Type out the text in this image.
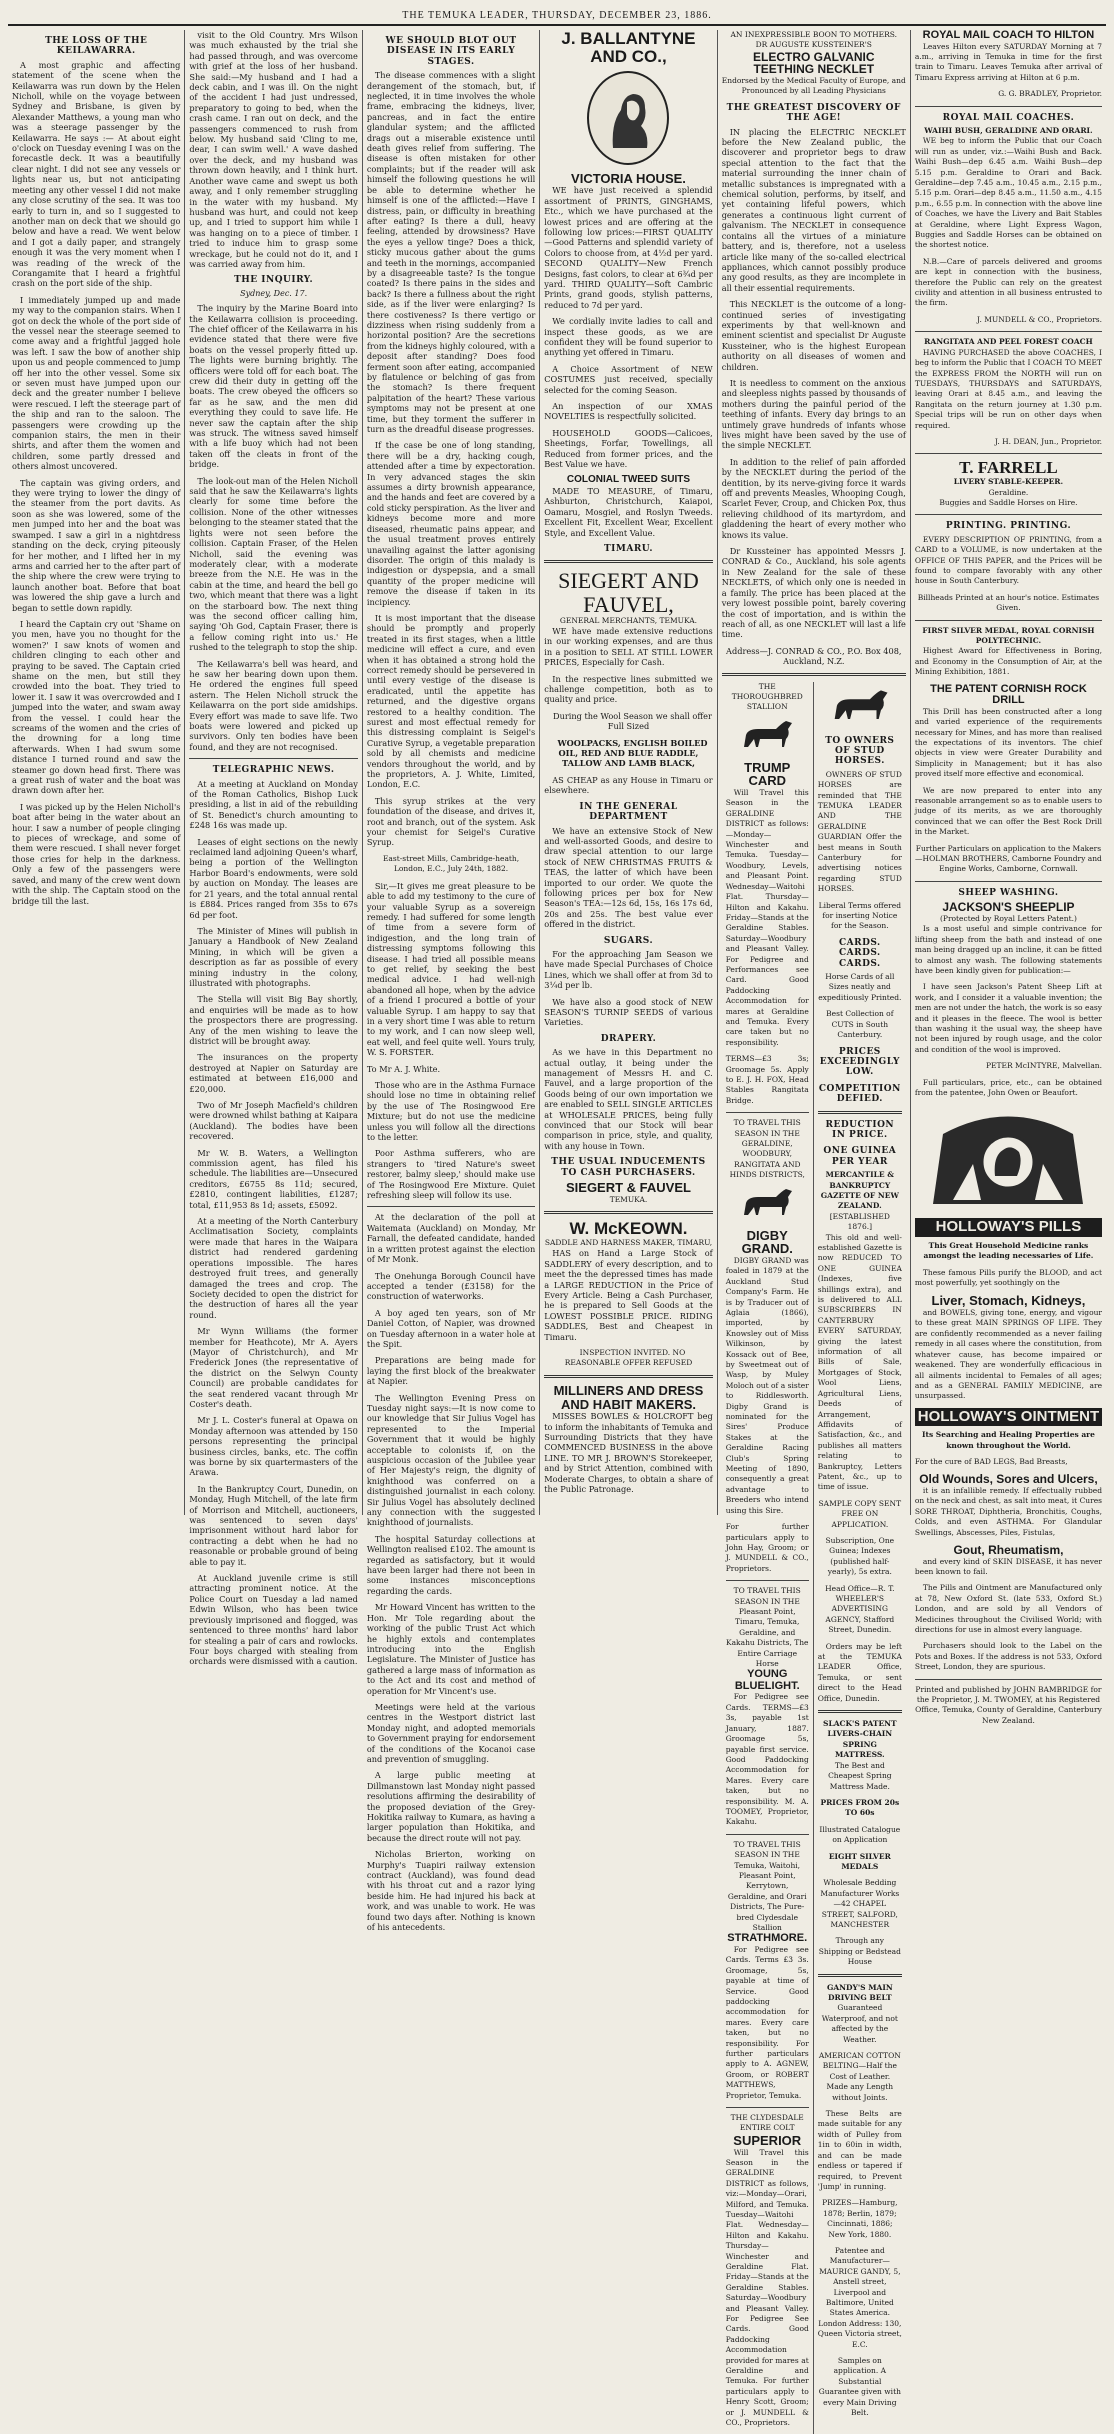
THE TEMUKA LEADER, THURSDAY, DECEMBER 23, 1886.
THE LOSS OF THE KEILAWARRA.

A most graphic and affecting statement of the scene when the Keilawarra was run down by the Helen Nicholl, while on the voyage between Sydney and Brisbane, is given by Alexander Matthews, a young man who was a steerage passenger by the Keilawarra. He says :— At about eight o'clock on Tuesday evening I was on the forecastle deck. It was a beautifully clear night. I did not see any vessels or lights near us, but not anticipating meeting any other vessel I did not make any close scrutiny of the sea. It was too early to turn in, and so I suggested to another man on deck that we should go below and have a read. We went below and I got a daily paper, and strangely enough it was the very moment when I was reading of the wreck of the Corangamite that I heard a frightful crash on the port side of the ship.

I immediately jumped up and made my way to the companion stairs. When I got on deck the whole of the port side of the vessel near the steerage seemed to come away and a frightful jagged hole was left. I saw the bow of another ship upon us and people commenced to jump off her into the other vessel. Some six or seven must have jumped upon our deck and the greater number I believe were rescued. I left the steerage part of the ship and ran to the saloon. The passengers were crowding up the companion stairs, the men in their shirts, and after them the women and children, some partly dressed and others almost uncovered.

The captain was giving orders, and they were trying to lower the dingy of the steamer from the port davits. As soon as she was lowered, some of the men jumped into her and the boat was swamped. I saw a girl in a nightdress standing on the deck, crying piteously for her mother, and I lifted her in my arms and carried her to the after part of the ship where the crew were trying to launch another boat. Before that boat was lowered the ship gave a lurch and began to settle down rapidly.

I heard the Captain cry out 'Shame on you men, have you no thought for the women?' I saw knots of women and children clinging to each other and praying to be saved. The Captain cried shame on the men, but still they crowded into the boat. They tried to lower it. I saw it was overcrowded and I jumped into the water, and swam away from the vessel. I could hear the screams of the women and the cries of the drowning for a long time afterwards. When I had swum some distance I turned round and saw the steamer go down head first. There was a great rush of water and the boat was drawn down after her.

I was picked up by the Helen Nicholl's boat after being in the water about an hour. I saw a number of people clinging to pieces of wreckage, and some of them were rescued. I shall never forget those cries for help in the darkness. Only a few of the passengers were saved, and many of the crew went down with the ship. The Captain stood on the bridge till the last.

visit to the Old Country. Mrs Wilson was much exhausted by the trial she had passed through, and was overcome with grief at the loss of her husband. She said:—My husband and I had a deck cabin, and I was ill. On the night of the accident I had just undressed, preparatory to going to bed, when the crash came. I ran out on deck, and the passengers commenced to rush from below. My husband said 'Cling to me, dear, I can swim well.' A wave dashed over the deck, and my husband was thrown down heavily, and I think hurt. Another wave came and swept us both away, and I only remember struggling in the water with my husband. My husband was hurt, and could not keep up, and I tried to support him while I was hanging on to a piece of timber. I tried to induce him to grasp some wreckage, but he could not do it, and I was carried away from him.

THE INQUIRY.
Sydney, Dec. 17.

The inquiry by the Marine Board into the Keilawarra collision is proceeding. The chief officer of the Keilawarra in his evidence stated that there were five boats on the vessel properly fitted up. The lights were burning brightly. The officers were told off for each boat. The crew did their duty in getting off the boats. The crew obeyed the officers so far as he saw, and the men did everything they could to save life. He never saw the captain after the ship was struck. The witness saved himself with a life buoy which had not been taken off the cleats in front of the bridge.

The look-out man of the Helen Nicholl said that he saw the Keilawarra's lights clearly for some time before the collision. None of the other witnesses belonging to the steamer stated that the lights were not seen before the collision. Captain Fraser, of the Helen Nicholl, said the evening was moderately clear, with a moderate breeze from the N.E. He was in the cabin at the time, and heard the bell go two, which meant that there was a light on the starboard bow. The next thing was the second officer calling him, saying 'Oh God, Captain Fraser, there is a fellow coming right into us.' He rushed to the telegraph to stop the ship.

The Keilawarra's bell was heard, and he saw her bearing down upon them. He ordered the engines full speed astern. The Helen Nicholl struck the Keilawarra on the port side amidships. Every effort was made to save life. Two boats were lowered and picked up survivors. Only ten bodies have been found, and they are not recognised.

TELEGRAPHIC NEWS.

At a meeting at Auckland on Monday of the Roman Catholics, Bishop Luck presiding, a list in aid of the rebuilding of St. Benedict's church amounting to £248 16s was made up.

Leases of eight sections on the newly reclaimed land adjoining Queen's wharf, being a portion of the Wellington Harbor Board's endowments, were sold by auction on Monday. The leases are for 21 years, and the total annual rental is £884. Prices ranged from 35s to 67s 6d per foot.

The Minister of Mines will publish in January a Handbook of New Zealand Mining, in which will be given a description as far as possible of every mining industry in the colony, illustrated with photographs.

The Stella will visit Big Bay shortly, and enquiries will be made as to how the prospectors there are progressing. Any of the men wishing to leave the district will be brought away.

The insurances on the property destroyed at Napier on Saturday are estimated at between £16,000 and £20,000.

Two of Mr Joseph Macfield's children were drowned whilst bathing at Kaipara (Auckland). The bodies have been recovered.

Mr W. B. Waters, a Wellington commission agent, has filed his schedule. The liabilities are—Unsecured creditors, £6755 8s 11d; secured, £2810, contingent liabilities, £1287; total, £11,953 8s 1d; assets, £5092.

At a meeting of the North Canterbury Acclimatisation Society, complaints were made that hares in the Waipara district had rendered gardening operations impossible. The hares destroyed fruit trees, and generally damaged the trees and crop. The Society decided to open the district for the destruction of hares all the year round.

Mr Wynn Williams (the former member for Heathcote), Mr A. Ayers (Mayor of Christchurch), and Mr Frederick Jones (the representative of the district on the Selwyn County Council) are probable candidates for the seat rendered vacant through Mr Coster's death.

Mr J. L. Coster's funeral at Opawa on Monday afternoon was attended by 150 persons representing the principal business circles, banks, etc. The coffin was borne by six quartermasters of the Arawa.

In the Bankruptcy Court, Dunedin, on Monday, Hugh Mitchell, of the late firm of Morrison and Mitchell, auctioneers, was sentenced to seven days' imprisonment without hard labor for contracting a debt when he had no reasonable or probable ground of being able to pay it.

At Auckland juvenile crime is still attracting prominent notice. At the Police Court on Tuesday a lad named Edwin Wilson, who has been twice previously imprisoned and flogged, was sentenced to three months' hard labor for stealing a pair of cars and rowlocks. Four boys charged with stealing from orchards were dismissed with a caution.

WE SHOULD BLOT OUT DISEASE IN ITS EARLY STAGES.

The disease commences with a slight derangement of the stomach, but, if neglected, it in time involves the whole frame, embracing the kidneys, liver, pancreas, and in fact the entire glandular system; and the afflicted drags out a miserable existence until death gives relief from suffering. The disease is often mistaken for other complaints; but if the reader will ask himself the following questions he will be able to determine whether he himself is one of the afflicted:—Have I distress, pain, or difficulty in breathing after eating? Is there a dull, heavy feeling, attended by drowsiness? Have the eyes a yellow tinge? Does a thick, sticky mucous gather about the gums and teeth in the mornings, accompanied by a disagreeable taste? Is the tongue coated? Is there pains in the sides and back? Is there a fullness about the right side, as if the liver were enlarging? Is there costiveness? Is there vertigo or dizziness when rising suddenly from a horizontal position? Are the secretions from the kidneys highly coloured, with a deposit after standing? Does food ferment soon after eating, accompanied by flatulence or belching of gas from the stomach? Is there frequent palpitation of the heart? These various symptoms may not be present at one time, but they torment the sufferer in turn as the dreadful disease progresses.

If the case be one of long standing, there will be a dry, hacking cough, attended after a time by expectoration. In very advanced stages the skin assumes a dirty brownish appearance, and the hands and feet are covered by a cold sticky perspiration. As the liver and kidneys become more and more diseased, rheumatic pains appear, and the usual treatment proves entirely unavailing against the latter agonising disorder. The origin of this malady is indigestion or dyspepsia, and a small quantity of the proper medicine will remove the disease if taken in its incipiency.

It is most important that the disease should be promptly and properly treated in its first stages, when a little medicine will effect a cure, and even when it has obtained a strong hold the correct remedy should be persevered in until every vestige of the disease is eradicated, until the appetite has returned, and the digestive organs restored to a healthy condition. The surest and most effectual remedy for this distressing complaint is Seigel's Curative Syrup, a vegetable preparation sold by all chemists and medicine vendors throughout the world, and by the proprietors, A. J. White, Limited, London, E.C.

This syrup strikes at the very foundation of the disease, and drives it, root and branch, out of the system. Ask your chemist for Seigel's Curative Syrup.

East-street Mills, Cambridge-heath, London, E.C., July 24th, 1882.

Sir,—It gives me great pleasure to be able to add my testimony to the cure of your valuable Syrup as a sovereign remedy. I had suffered for some length of time from a severe form of indigestion, and the long train of distressing symptoms following this disease. I had tried all possible means to get relief, by seeking the best medical advice. I had well-nigh abandoned all hope, when by the advice of a friend I procured a bottle of your valuable Syrup. I am happy to say that in a very short time I was able to return to my work, and I can now sleep well, eat well, and feel quite well. Yours truly, W. S. FORSTER.

To Mr A. J. White.

Those who are in the Asthma Furnace should lose no time in obtaining relief by the use of The Rosingwood Ere Mixture; but do not use the medicine unless you will follow all the directions to the letter.

Poor Asthma sufferers, who are strangers to 'tired Nature's sweet restorer, balmy sleep,' should make use of The Rosingwood Ere Mixture. Quiet refreshing sleep will follow its use.

At the declaration of the poll at Waitemata (Auckland) on Monday, Mr Farnall, the defeated candidate, handed in a written protest against the election of Mr Monk.

The Onehunga Borough Council have accepted a tender (£3158) for the construction of waterworks.

A boy aged ten years, son of Mr Daniel Cotton, of Napier, was drowned on Tuesday afternoon in a water hole at the Spit.

Preparations are being made for laying the first block of the breakwater at Napier.

The Wellington Evening Press on Tuesday night says:—It is now come to our knowledge that Sir Julius Vogel has represented to the Imperial Government that it would be highly acceptable to colonists if, on the auspicious occasion of the Jubilee year of Her Majesty's reign, the dignity of knighthood was conferred on a distinguished journalist in each colony. Sir Julius Vogel has absolutely declined any connection with the suggested knighthood of journalists.

The hospital Saturday collections at Wellington realised £102. The amount is regarded as satisfactory, but it would have been larger had there not been in some instances misconceptions regarding the cards.

Mr Howard Vincent has written to the Hon. Mr Tole regarding about the working of the public Trust Act which he highly extols and contemplates introducing into the English Legislature. The Minister of Justice has gathered a large mass of information as to the Act and its cost and method of operation for Mr Vincent's use.

Meetings were held at the various centres in the Westport district last Monday night, and adopted memorials to Government praying for endorsement of the conditions of the Kocanoi case and prevention of smuggling.

A large public meeting at Dillmanstown last Monday night passed resolutions affirming the desirability of the proposed deviation of the Grey-Hokitika railway to Kumara, as having a larger population than Hokitika, and because the direct route will not pay.

Nicholas Brierton, working on Murphy's Tuapiri railway extension contract (Auckland), was found dead with his throat cut and a razor lying beside him. He had injured his back at work, and was unable to work. He was found two days after. Nothing is known of his antecedents.

J. BALLANTYNE AND CO.,
VICTORIA HOUSE.

WE have just received a splendid assortment of PRINTS, GINGHAMS, Etc., which we have purchased at the lowest prices and are offering at the following low prices:—FIRST QUALITY—Good Patterns and splendid variety of Colors to choose from, at 4½d per yard. SECOND QUALITY—New French Designs, fast colors, to clear at 6¾d per yard. THIRD QUALITY—Soft Cambric Prints, grand goods, stylish patterns, reduced to 7d per yard.

We cordially invite ladies to call and inspect these goods, as we are confident they will be found superior to anything yet offered in Timaru.

A Choice Assortment of NEW COSTUMES just received, specially selected for the coming Season.

An inspection of our XMAS NOVELTIES is respectfully solicited.

HOUSEHOLD GOODS—Calicoes, Sheetings, Forfar, Towellings, all Reduced from former prices, and the Best Value we have.

COLONIAL TWEED SUITS

MADE TO MEASURE, of Timaru, Ashburton, Christchurch, Kaiapoi, Oamaru, Mosgiel, and Roslyn Tweeds. Excellent Fit, Excellent Wear, Excellent Style, and Excellent Value.

TIMARU.
SIEGERT AND FAUVEL,
GENERAL MERCHANTS, TEMUKA.

WE have made extensive reductions in our working expenses, and are thus in a position to SELL AT STILL LOWER PRICES, Especially for Cash.

In the respective lines submitted we challenge competition, both as to quality and price.

During the Wool Season we shall offer Full Sized

WOOLPACKS, ENGLISH BOILED OIL, RED AND BLUE RADDLE, TALLOW AND LAMB BLACK,

AS CHEAP as any House in Timaru or elsewhere.

IN THE GENERAL DEPARTMENT

We have an extensive Stock of New and well-assorted Goods, and desire to draw special attention to our large stock of NEW CHRISTMAS FRUITS & TEAS, the latter of which have been imported to our order. We quote the following prices per box for New Season's TEA:—12s 6d, 15s, 16s 17s 6d, 20s and 25s. The best value ever offered in the district.

SUGARS.

For the approaching Jam Season we have made Special Purchases of Choice Lines, which we shall offer at from 3d to 3¼d per lb.

We have also a good stock of NEW SEASON'S TURNIP SEEDS of various Varieties.

DRAPERY.

As we have in this Department no actual outlay, it being under the management of Messrs H. and C. Fauvel, and a large proportion of the Goods being of our own importation we are enabled to SELL SINGLE ARTICLES at WHOLESALE PRICES, being fully convinced that our Stock will bear comparison in price, style, and quality, with any house in Town.

THE USUAL INDUCEMENTS TO CASH PURCHASERS.
SIEGERT & FAUVEL
TEMUKA.
W. McKEOWN.
SADDLE AND HARNESS MAKER, TIMARU,

HAS on Hand a Large Stock of SADDLERY of every description, and to meet the the depressed times has made a LARGE REDUCTION in the Price of Every Article. Being a Cash Purchaser, he is prepared to Sell Goods at the LOWEST POSSIBLE PRICE. RIDING SADDLES, Best and Cheapest in Timaru.

INSPECTION INVITED. NO REASONABLE OFFER REFUSED

MILLINERS AND DRESS AND HABIT MAKERS.

MISSES BOWLES & HOLCROFT beg to inform the inhabitants of Temuka and Surrounding Districts that they have COMMENCED BUSINESS in the above LINE. TO MR J. BROWN'S Storekeeper, and by Strict Attention, combined with Moderate Charges, to obtain a share of the Public Patronage.

AN INEXPRESSIBLE BOON TO MOTHERS.
DR AUGUSTE KUSSTEINER'S
ELECTRO GALVANIC TEETHING NECKLET
Endorsed by the Medical Faculty of Europe, and Pronounced by all Leading Physicians
THE GREATEST DISCOVERY OF THE AGE!

IN placing the ELECTRIC NECKLET before the New Zealand public, the discoverer and proprietor begs to draw special attention to the fact that the material surrounding the inner chain of metallic substances is impregnated with a chemical solution, performs, by itself, and yet containing lifeful powers, which generates a continuous light current of galvanism. The NECKLET in consequence contains all the virtues of a miniature battery, and is, therefore, not a useless article like many of the so-called electrical appliances, which cannot possibly produce any good results, as they are incomplete in all their essential requirements.

This NECKLET is the outcome of a long-continued series of investigating experiments by that well-known and eminent scientist and specialist Dr Auguste Kussteiner, who is the highest European authority on all diseases of women and children.

It is needless to comment on the anxious and sleepless nights passed by thousands of mothers during the painful period of the teething of infants. Every day brings to an untimely grave hundreds of infants whose lives might have been saved by the use of the simple NECKLET.

In addition to the relief of pain afforded by the NECKLET during the period of the dentition, by its nerve-giving force it wards off and prevents Measles, Whooping Cough, Scarlet Fever, Croup, and Chicken Pox, thus relieving childhood of its martyrdom, and gladdening the heart of every mother who knows its value.

Dr Kussteiner has appointed Messrs J. CONRAD & Co., Auckland, his sole agents in New Zealand for the sale of these NECKLETS, of which only one is needed in a family. The price has been placed at the very lowest possible point, barely covering the cost of importation, and is within the reach of all, as one NECKLET will last a life time.

Address—J. CONRAD & CO., P.O. Box 408, Auckland, N.Z.

THE THOROUGHBRED STALLION
TRUMP CARD

Will Travel this Season in the GERALDINE DISTRICT as follows:—Monday—Winchester and Temuka. Tuesday—Woodbury, Levels, and Pleasant Point. Wednesday—Waitohi Flat. Thursday—Hilton and Kakahu. Friday—Stands at the Geraldine Stables. Saturday—Woodbury and Pleasant Valley. For Pedigree and Performances see Card. Good Paddocking Accommodation for mares at Geraldine and Temuka. Every care taken but no responsibility.

TERMS—£3 3s; Groomage 5s. Apply to E. J. H. FOX, Head Stables Rangitata Bridge.

TO TRAVEL THIS SEASON IN THE GERALDINE, WOODBURY, RANGITATA AND HINDS DISTRICTS,
DIGBY GRAND.

DIGBY GRAND was foaled in 1879 at the Auckland Stud Company's Farm. He is by Traducer out of Aglaia (1866), imported, by Knowsley out of Miss Wilkinson, by Kossack out of Bee, by Sweetmeat out of Wasp, by Muley Moloch out of a sister to Riddlesworth. Digby Grand is nominated for the Sires' Produce Stakes at the Geraldine Racing Club's Spring Meeting of 1890, consequently a great advantage to Breeders who intend using this Sire.

For further particulars apply to John Hay, Groom; or J. MUNDELL & CO., Proprietors.

TO TRAVEL THIS SEASON IN THE Pleasant Point, Timaru, Temuka, Geraldine, and Kakahu Districts, The Entire Carriage Horse
YOUNG BLUELIGHT.

For Pedigree see Cards. TERMS—£3 3s, payable 1st January, 1887. Groomage 5s, payable first service. Good Paddocking Accommodation for Mares. Every care taken, but no responsibility. M. A. TOOMEY, Proprietor, Kakahu.

TO TRAVEL THIS SEASON IN THE Temuka, Waitohi, Pleasant Point, Kerrytown, Geraldine, and Orari Districts, The Pure-bred Clydesdale Stallion
STRATHMORE.

For Pedigree see Cards. Terms £3 3s. Groomage, 5s, payable at time of Service. Good paddocking accommodation for mares. Every care taken, but no responsibility. For further particulars apply to A. AGNEW, Groom, or ROBERT MATTHEWS, Proprietor, Temuka.

THE CLYDESDALE ENTIRE COLT
SUPERIOR

Will Travel this Season in the GERALDINE DISTRICT as follows, viz:—Monday—Orari, Milford, and Temuka. Tuesday—Waitohi Flat. Wednesday—Hilton and Kakahu. Thursday—Winchester and Geraldine Flat. Friday—Stands at the Geraldine Stables. Saturday—Woodbury and Pleasant Valley. For Pedigree See Cards. Good Paddocking Accommodation provided for mares at Geraldine and Temuka. For further particulars apply to Henry Scott, Groom; or J. MUNDELL & CO., Proprietors.

TO OWNERS OF STUD HORSES.

OWNERS OF STUD HORSES are reminded that THE TEMUKA LEADER AND THE GERALDINE GUARDIAN Offer the best means in South Canterbury for advertising notices regarding STUD HORSES.

Liberal Terms offered for inserting Notice for the Season.

CARDS. CARDS. CARDS.

Horse Cards of all Sizes neatly and expeditiously Printed.

Best Collection of CUTS in South Canterbury.

PRICES EXCEEDINGLY LOW.
COMPETITION DEFIED.
REDUCTION IN PRICE.
ONE GUINEA PER YEAR
MERCANTILE & BANKRUPTCY GAZETTE OF NEW ZEALAND.
[ESTABLISHED 1876.]

This old and well-established Gazette is now REDUCED TO ONE GUINEA (Indexes, five shillings extra), and is delivered to ALL SUBSCRIBERS IN CANTERBURY EVERY SATURDAY, giving the latest information of all Bills of Sale, Mortgages of Stock, Wool Liens, Agricultural Liens, Deeds of Arrangement, Affidavits of Satisfaction, &c., and publishes all matters relating to Bankruptcy, Letters Patent, &c., up to time of issue.

SAMPLE COPY SENT FREE ON APPLICATION.

Subscription, One Guinea; Indexes (published half-yearly), 5s extra.

Head Office—R. T. WHEELER'S ADVERTISING AGENCY, Stafford Street, Dunedin.

Orders may be left at the TEMUKA LEADER Office, Temuka, or sent direct to the Head Office, Dunedin.

SLACK'S PATENT LIVERS-CHAIN SPRING MATTRESS.

The Best and Cheapest Spring Mattress Made.

PRICES FROM 20s TO 60s

Illustrated Catalogue on Application

EIGHT SILVER MEDALS

Wholesale Bedding Manufacturer Works—42 CHAPEL STREET, SALFORD, MANCHESTER

Through any Shipping or Bedstead House

GANDY'S MAIN DRIVING BELT

Guaranteed Waterproof, and not affected by the Weather.

AMERICAN COTTON BELTING—Half the Cost of Leather. Made any Length without Joints.

These Belts are made suitable for any width of Pulley from 1in to 60in in width, and can be made endless or tapered if required, to Prevent 'Jump' in running.

PRIZES—Hamburg, 1878; Berlin, 1879; Cincinnati, 1886; New York, 1880.

Patentee and Manufacturer—MAURICE GANDY, 5, Anstell street, Liverpool and Baltimore, United States America. London Address: 130, Queen Victoria street, E.C.

Samples on application. A Substantial Guarantee given with every Main Driving Belt.

ROYAL MAIL COACH TO HILTON

Leaves Hilton every SATURDAY Morning at 7 a.m., arriving in Temuka in time for the first train to Timaru. Leaves Temuka after arrival of Timaru Express arriving at Hilton at 6 p.m.

G. G. BRADLEY, Proprietor.

ROYAL MAIL COACHES.
WAIHI BUSH, GERALDINE AND ORARI.

WE beg to inform the Public that our Coach will run as under, viz.:—Waihi Bush and Back. Waihi Bush—dep 6.45 a.m. Waihi Bush—dep 5.15 p.m. Geraldine to Orari and Back. Geraldine—dep 7.45 a.m., 10.45 a.m., 2.15 p.m., 5.15 p.m. Orari—dep 8.45 a.m., 11.50 a.m., 4.15 p.m., 6.55 p.m. In connection with the above line of Coaches, we have the Livery and Bait Stables at Geraldine, where Light Express Wagon, Buggies and Saddle Horses can be obtained on the shortest notice.

N.B.—Care of parcels delivered and grooms are kept in connection with the business, therefore the Public can rely on the greatest civility and attention in all business entrusted to the firm.

J. MUNDELL & CO., Proprietors.

RANGITATA AND PEEL FOREST COACH

HAVING PURCHASED the above COACHES, I beg to inform the Public that I COACH TO MEET the EXPRESS FROM the NORTH will run on TUESDAYS, THURSDAYS and SATURDAYS, leaving Orari at 8.45 a.m., and leaving the Rangitata on the return journey at 1.30 p.m. Special trips will be run on other days when required.

J. H. DEAN, Jun., Proprietor.

T. FARRELL
LIVERY STABLE-KEEPER.
Geraldine.

Buggies and Saddle Horses on Hire.

PRINTING. PRINTING.

EVERY DESCRIPTION OF PRINTING, from a CARD to a VOLUME, is now undertaken at the OFFICE OF THIS PAPER, and the Prices will be found to compare favorably with any other house in South Canterbury.

Billheads Printed at an hour's notice. Estimates Given.

FIRST SILVER MEDAL, ROYAL CORNISH POLYTECHNIC.

Highest Award for Effectiveness in Boring, and Economy in the Consumption of Air, at the Mining Exhibition, 1881.

THE PATENT CORNISH ROCK DRILL

This Drill has been constructed after a long and varied experience of the requirements necessary for Mines, and has more than realised the expectations of its inventors. The chief objects in view were Greater Durability and Simplicity in Management; but it has also proved itself more effective and economical.

We are now prepared to enter into any reasonable arrangement so as to enable users to judge of its merits, as we are thoroughly convinced that we can offer the Best Rock Drill in the Market.

Further Particulars on application to the Makers—HOLMAN BROTHERS, Camborne Foundry and Engine Works, Camborne, Cornwall.

SHEEP WASHING.
JACKSON'S SHEEPLIP
(Protected by Royal Letters Patent.)

Is a most useful and simple contrivance for lifting sheep from the bath and instead of one man being dragged up an incline, it can be fitted to almost any wash. The following statements have been kindly given for publication:—

I have seen Jackson's Patent Sheep Lift at work, and I consider it a valuable invention; the men are not under the hatch, the work is so easy and it pleases in the fleece. The wool is better than washing it the usual way, the sheep have not been injured by rough usage, and the color and condition of the wool is improved.

PETER McINTYRE, Malvellan.

Full particulars, price, etc., can be obtained from the patentee, John Owen or Beaufort.

HOLLOWAY'S PILLS

This Great Household Medicine ranks amongst the leading necessaries of Life.

These famous Pills purify the BLOOD, and act most powerfully, yet soothingly on the

Liver, Stomach, Kidneys,

and BOWELS, giving tone, energy, and vigour to these great MAIN SPRINGS OF LIFE. They are confidently recommended as a never failing remedy in all cases where the constitution, from whatever cause, has become impaired or weakened. They are wonderfully efficacious in all ailments incidental to Females of all ages; and as a GENERAL FAMILY MEDICINE, are unsurpassed.

HOLLOWAY'S OINTMENT

Its Searching and Healing Properties are known throughout the World.

For the cure of BAD LEGS, Bad Breasts,

Old Wounds, Sores and Ulcers,

it is an infallible remedy. If effectually rubbed on the neck and chest, as salt into meat, it Cures SORE THROAT, Diphtheria, Bronchitis, Coughs, Colds, and even ASTHMA. For Glandular Swellings, Abscesses, Piles, Fistulas,

Gout, Rheumatism,

and every kind of SKIN DISEASE, it has never been known to fail.

The Pills and Ointment are Manufactured only at 78, New Oxford St. (late 533, Oxford St.) London, and are sold by all Vendors of Medicines throughout the Civilised World; with directions for use in almost every language.

Purchasers should look to the Label on the Pots and Boxes. If the address is not 533, Oxford Street, London, they are spurious.

Printed and published by JOHN BAMBRIDGE for the Proprietor, J. M. TWOMEY, at his Registered Office, Temuka, County of Geraldine, Canterbury New Zealand.
